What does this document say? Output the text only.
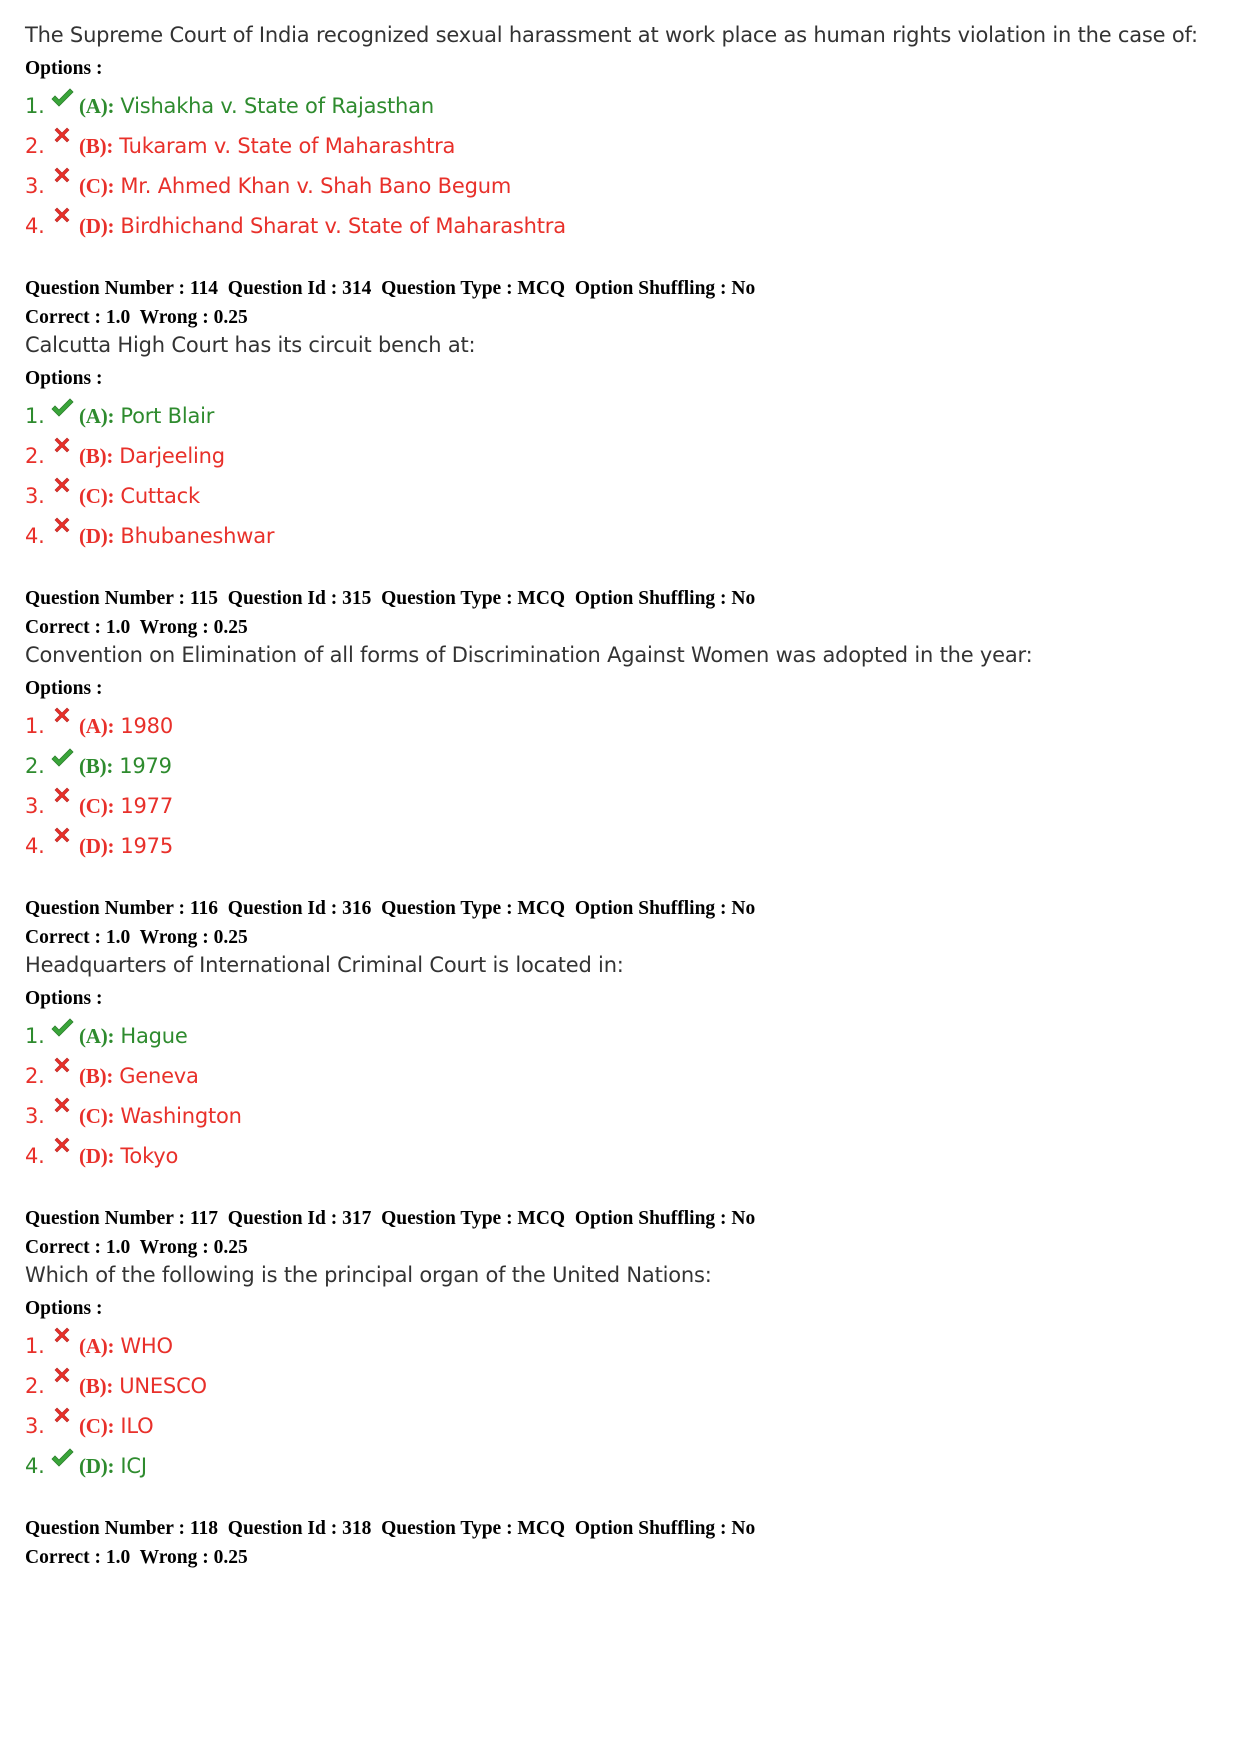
The Supreme Court of India recognized sexual harassment at work place as human rights violation in the case of:
Options :
1. (A): Vishakha v. State of Rajasthan
2. (B): Tukaram v. State of Maharashtra
3. (C): Mr. Ahmed Khan v. Shah Bano Begum
4. (D): Birdhichand Sharat v. State of Maharashtra
Question Number : 114  Question Id : 314  Question Type : MCQ  Option Shuffling : No
Correct : 1.0  Wrong : 0.25
Calcutta High Court has its circuit bench at:
Options :
1. (A): Port Blair
2. (B): Darjeeling
3. (C): Cuttack
4. (D): Bhubaneshwar
Question Number : 115  Question Id : 315  Question Type : MCQ  Option Shuffling : No
Correct : 1.0  Wrong : 0.25
Convention on Elimination of all forms of Discrimination Against Women was adopted in the year:
Options :
1. (A): 1980
2. (B): 1979
3. (C): 1977
4. (D): 1975
Question Number : 116  Question Id : 316  Question Type : MCQ  Option Shuffling : No
Correct : 1.0  Wrong : 0.25
Headquarters of International Criminal Court is located in:
Options :
1. (A): Hague
2. (B): Geneva
3. (C): Washington
4. (D): Tokyo
Question Number : 117  Question Id : 317  Question Type : MCQ  Option Shuffling : No
Correct : 1.0  Wrong : 0.25
Which of the following is the principal organ of the United Nations:
Options :
1. (A): WHO
2. (B): UNESCO
3. (C): ILO
4. (D): ICJ
Question Number : 118  Question Id : 318  Question Type : MCQ  Option Shuffling : No
Correct : 1.0  Wrong : 0.25
